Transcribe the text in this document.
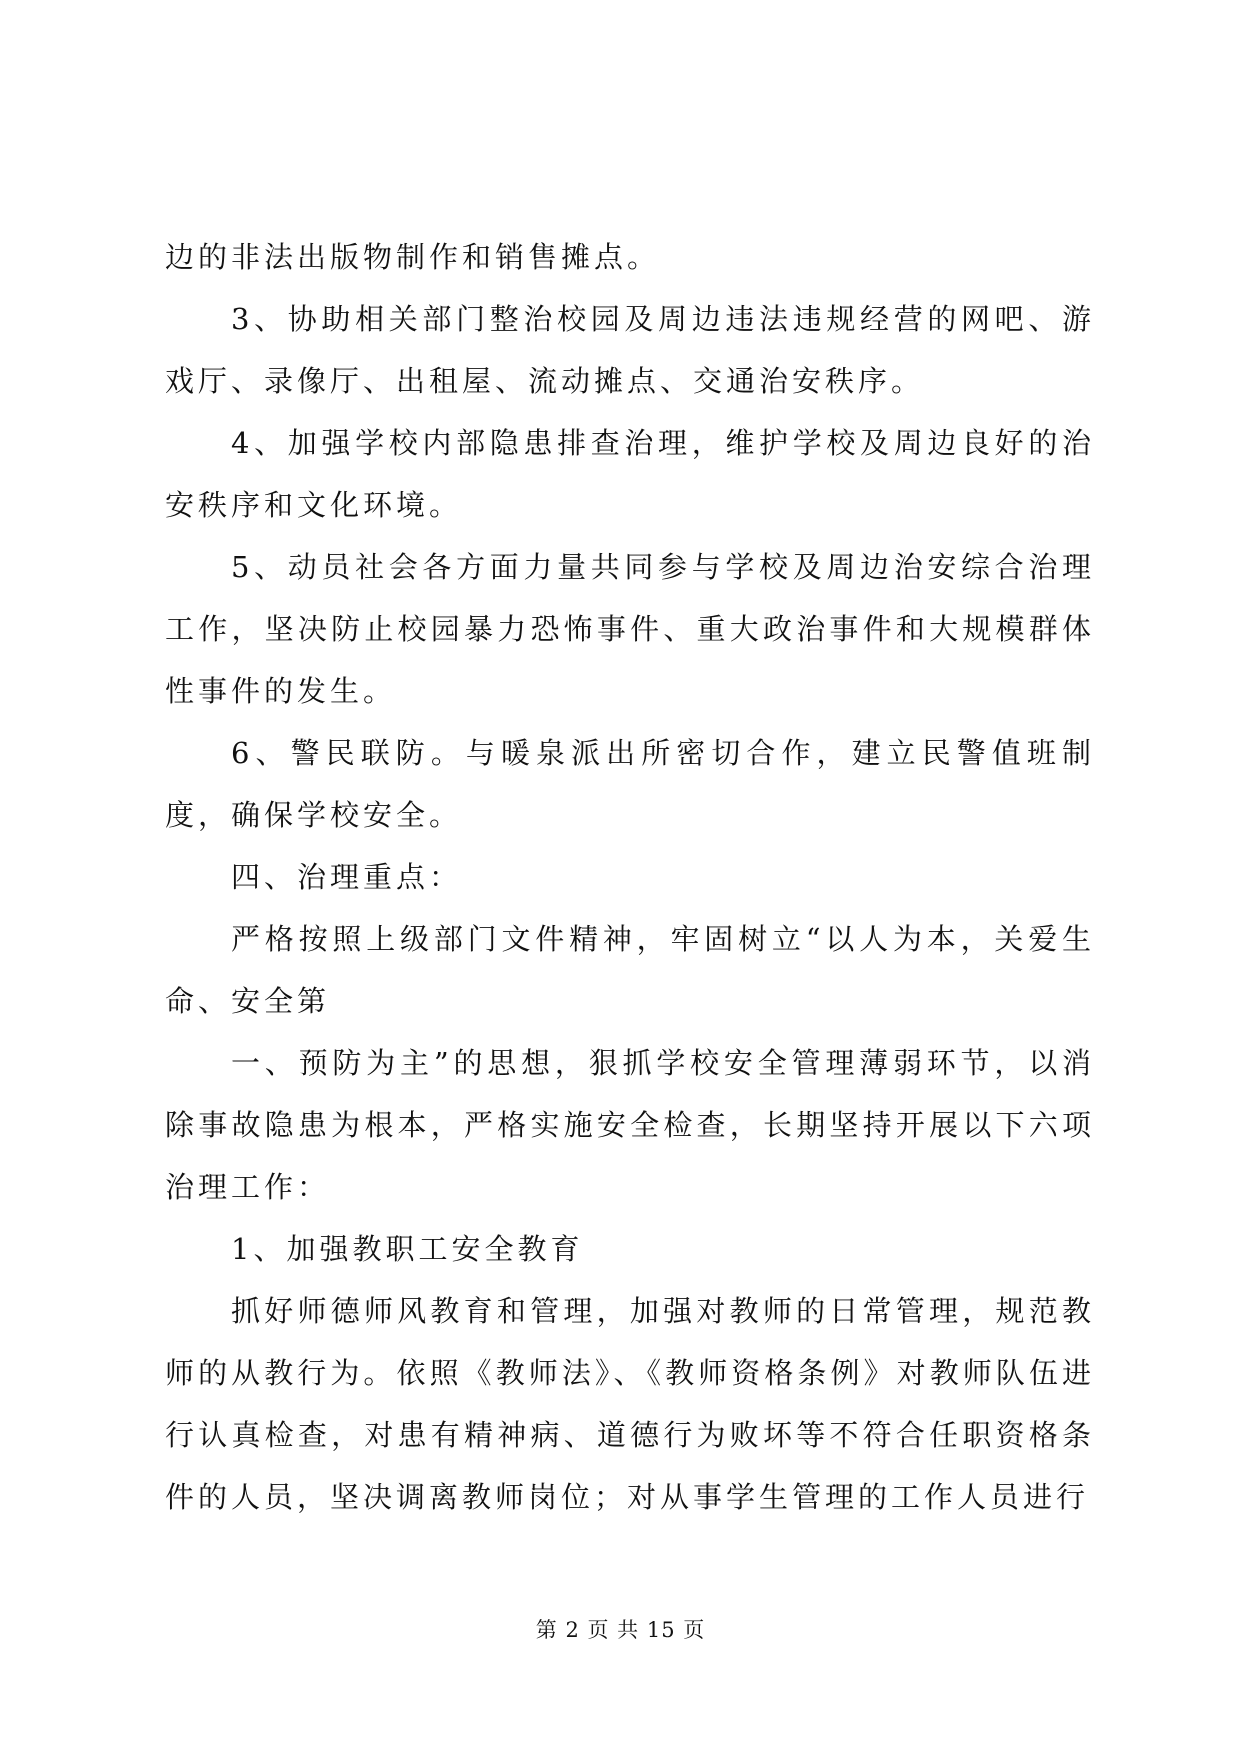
边的非法出版物制作和销售摊点。

3、协助相关部门整治校园及周边违法违规经营的网吧、游戏厅、录像厅、出租屋、流动摊点、交通治安秩序。

4、加强学校内部隐患排查治理，维护学校及周边良好的治安秩序和文化环境。

5、动员社会各方面力量共同参与学校及周边治安综合治理工作，坚决防止校园暴力恐怖事件、重大政治事件和大规模群体性事件的发生。

6、警民联防。与暖泉派出所密切合作，建立民警值班制度，确保学校安全。

四、治理重点：

严格按照上级部门文件精神，牢固树立“以人为本，关爱生命、安全第

一、预防为主”的思想，狠抓学校安全管理薄弱环节，以消除事故隐患为根本，严格实施安全检查，长期坚持开展以下六项治理工作：

1、加强教职工安全教育

抓好师德师风教育和管理，加强对教师的日常管理，规范教师的从教行为。依照《教师法》、《教师资格条例》对教师队伍进行认真检查，对患有精神病、道德行为败坏等不符合任职资格条件的人员，坚决调离教师岗位；对从事学生管理的工作人员进行

第 2 页 共 15 页
